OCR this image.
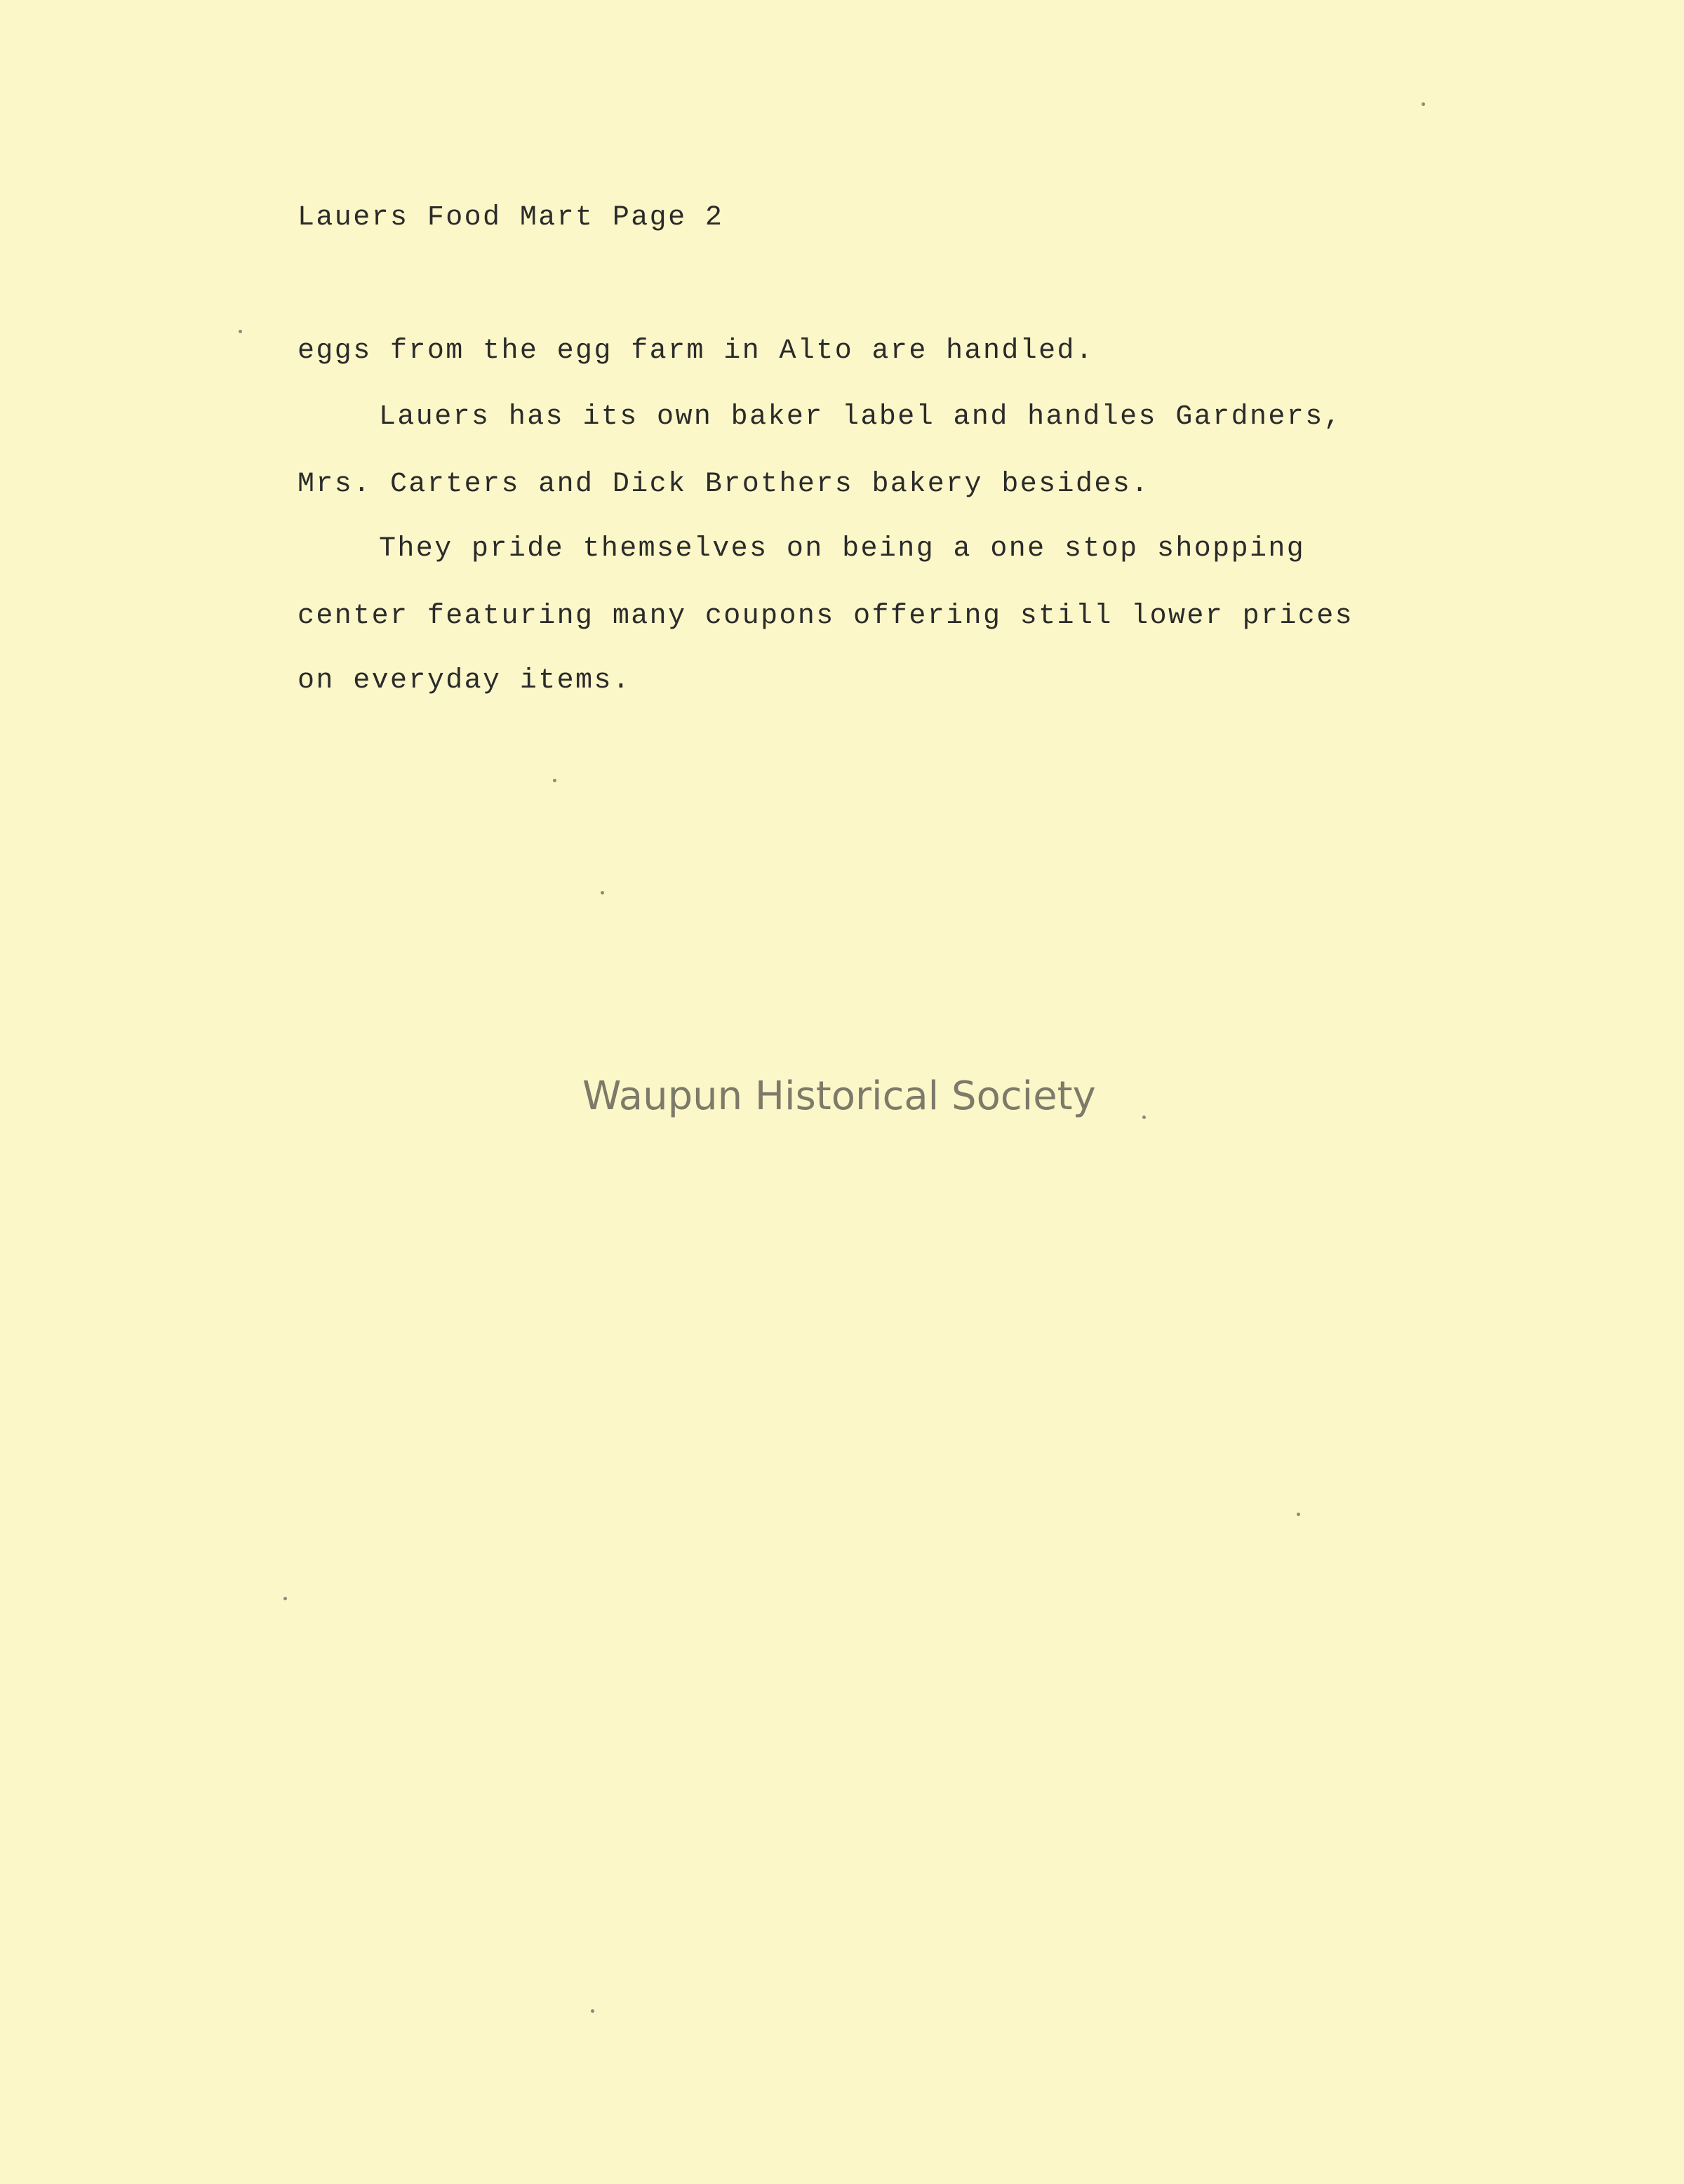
Lauers Food Mart Page 2
eggs from the egg farm in Alto are handled.
Lauers has its own baker label and handles Gardners,
Mrs. Carters and Dick Brothers bakery besides.
They pride themselves on being a one stop shopping
center featuring many coupons offering still lower prices
on everyday items.
Waupun Historical Society
